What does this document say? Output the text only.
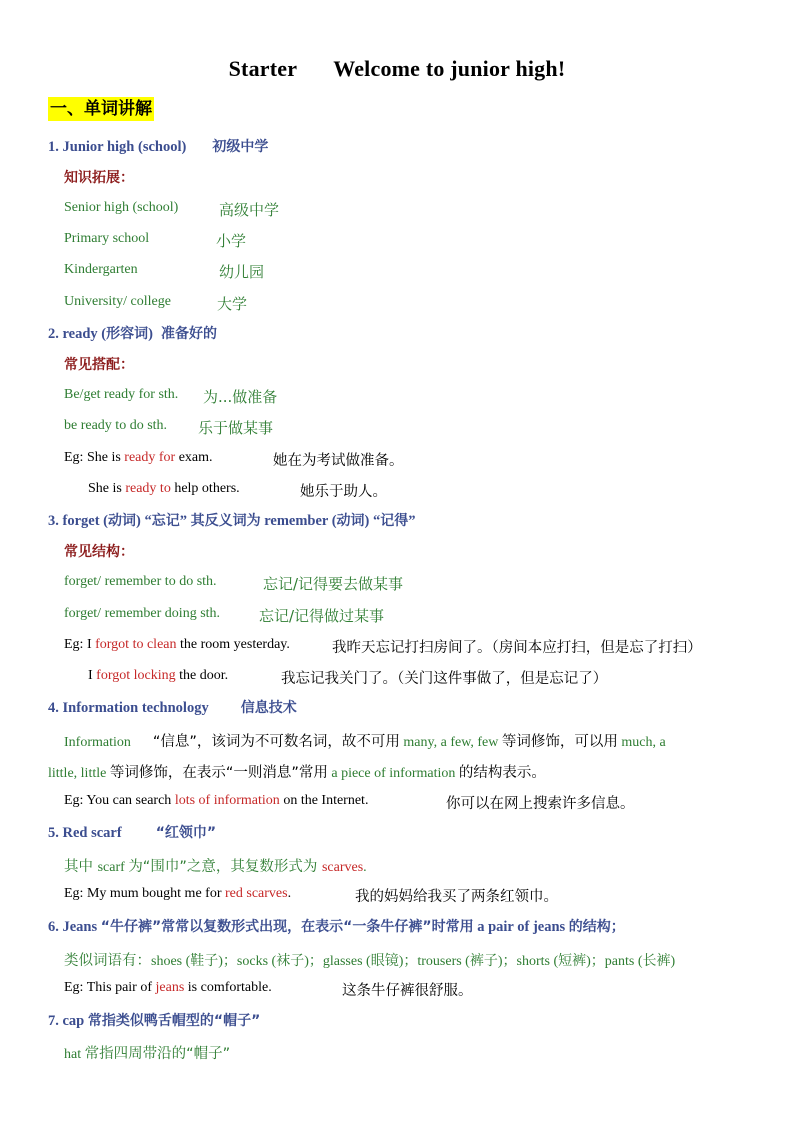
Starter Welcome to junior high!
一、单词讲解
1. Junior high (school) 初级中学
知识拓展：
Senior high (school)	高级中学
Primary school	小学
Kindergarten	幼儿园
University/ college	大学
2. ready (形容词) 准备好的
常见搭配：
Be/get ready for sth. 为...做准备
be ready to do sth. 乐于做某事
Eg: She is ready for exam.	她在为考试做准备。
She is ready to help others.	她乐于助人。
3. forget (动词) “忘记” 其反义词为 remember (动词) “记得”
常见结构：
forget/ remember to do sth.	忘记/记得要去做某事
forget/ remember doing sth.	忘记/记得做过某事
Eg: I forgot to clean the room yesterday.	我昨天忘记打扫房间了。（房间本应打扫，但是忘了打扫）
I forgot locking the door.	我忘记我关门了。（关门这件事做了，但是忘记了）
4. Information technology 信息技术
Information “信息”，该词为不可数名词，故不可用 many, a few, few 等词修饰，可以用 much, a
little, little 等词修饰，在表示“一则消息”常用 a piece of information 的结构表示。
Eg: You can search lots of information on the Internet.	你可以在网上搜索许多信息。
5. Red scarf “红领巾”
其中 scarf 为“围巾”之意，其复数形式为 scarves.
Eg: My mum bought me for red scarves.	我的妈妈给我买了两条红领巾。
6. Jeans “牛仔裤”常常以复数形式出现，在表示“一条牛仔裤”时常用 a pair of jeans 的结构；
类似词语有：shoes (鞋子)；socks (袜子)；glasses (眼镜)；trousers (裤子)；shorts (短裤)；pants (长裤)
Eg: This pair of jeans is comfortable.	这条牛仔裤很舒服。
7. cap 常指类似鸭舌帽型的“帽子”
hat 常指四周带沿的“帽子”
